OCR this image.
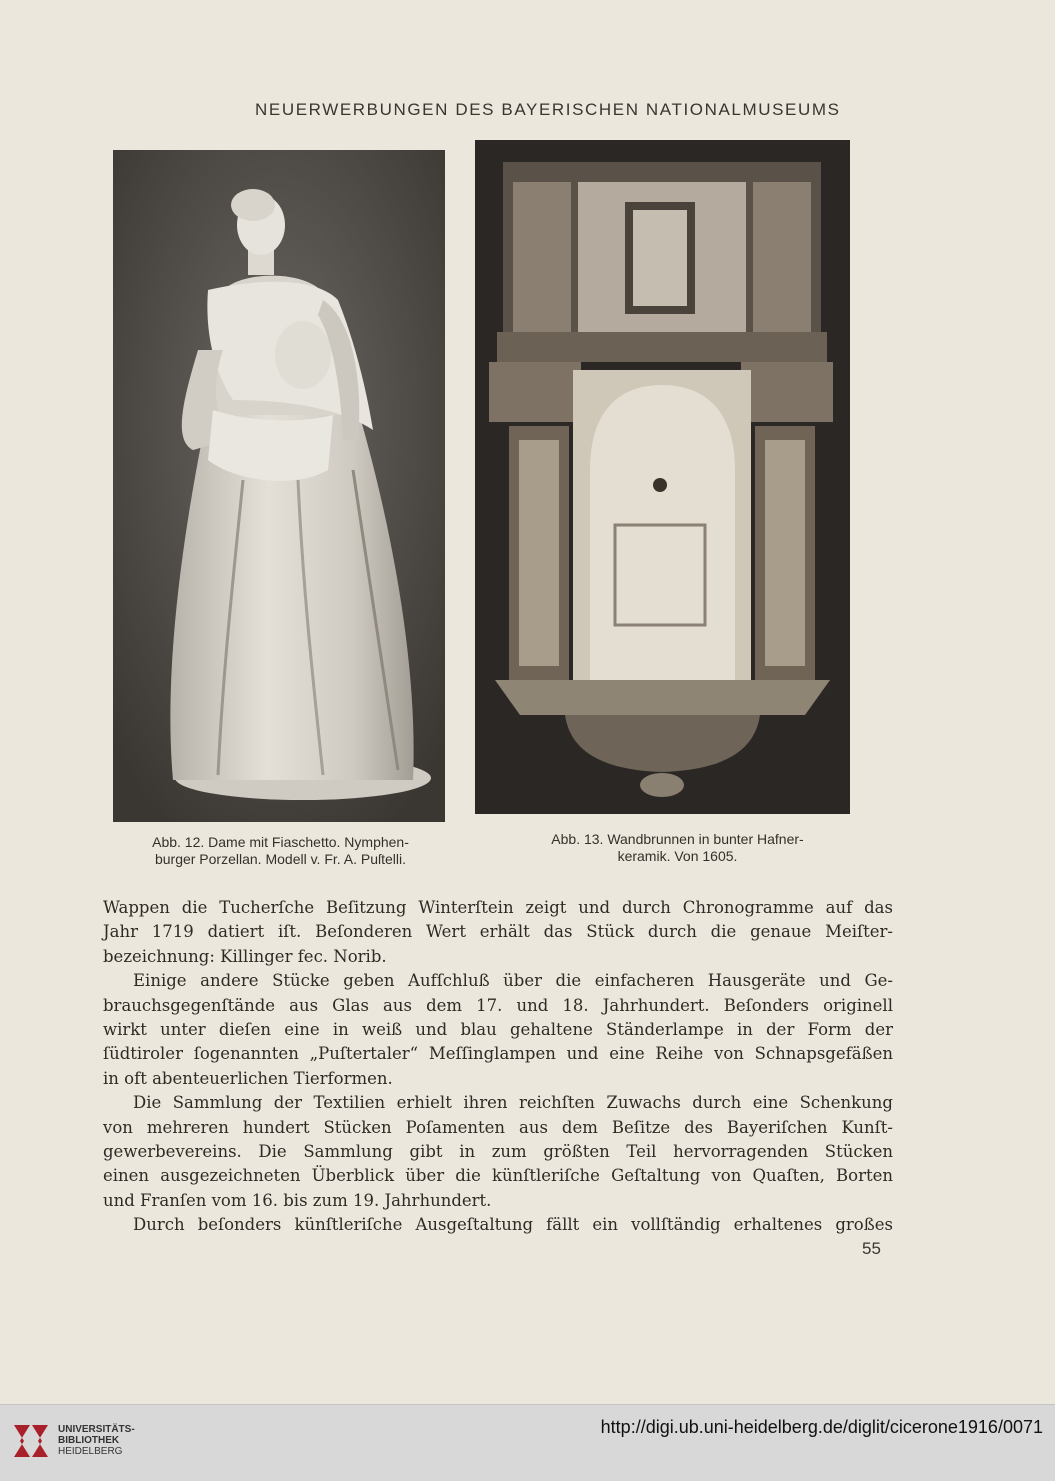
NEUERWERBUNGEN DES BAYERISCHEN NATIONALMUSEUMS
Abb. 12. Dame mit Fiaschetto. Nymphen-
burger Porzellan. Modell v. Fr. A. Puſtelli.
Abb. 13. Wandbrunnen in bunter Hafner-
keramik. Von 1605.
Wappen die Tucherſche Beſitzung Winterſtein zeigt und durch Chronogramme auf das
Jahr 1719 datiert iſt. Beſonderen Wert erhält das Stück durch die genaue Meiſter-
bezeichnung: Killinger fec. Norib.
Einige andere Stücke geben Aufſchluß über die einfacheren Hausgeräte und Ge-
brauchsgegenſtände aus Glas aus dem 17. und 18. Jahrhundert. Beſonders originell
wirkt unter dieſen eine in weiß und blau gehaltene Ständerlampe in der Form der
ſüdtiroler ſogenannten „Puſtertaler“ Meſſinglampen und eine Reihe von Schnapsgefäßen
in oft abenteuerlichen Tierformen.
Die Sammlung der Textilien erhielt ihren reichſten Zuwachs durch eine Schenkung
von mehreren hundert Stücken Poſamenten aus dem Beſitze des Bayeriſchen Kunſt-
gewerbevereins. Die Sammlung gibt in zum größten Teil hervorragenden Stücken
einen ausgezeichneten Überblick über die künſtleriſche Geſtaltung von Quaſten, Borten
und Franſen vom 16. bis zum 19. Jahrhundert.
Durch beſonders künſtleriſche Ausgeſtaltung fällt ein vollſtändig erhaltenes großes
55
UNIVERSITÄTS-
BIBLIOTHEK
HEIDELBERG
http://digi.ub.uni-heidelberg.de/diglit/cicerone1916/0071
